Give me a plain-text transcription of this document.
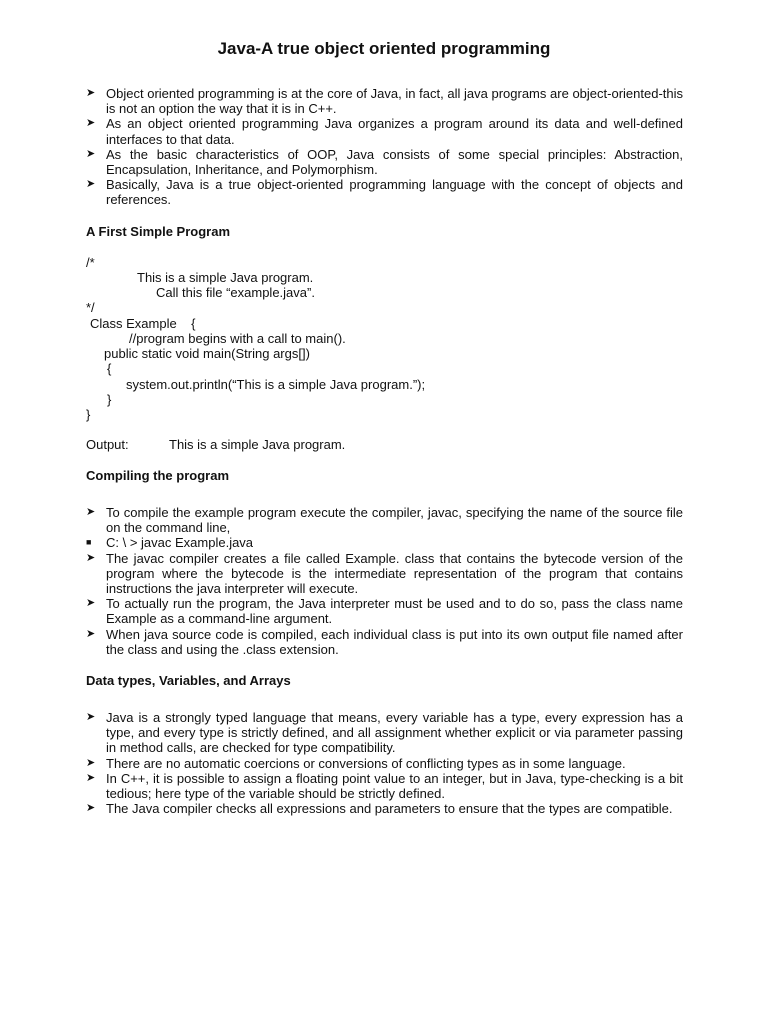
Java-A true object oriented programming
➤ Object oriented programming is at the core of Java, in fact, all java programs are object-oriented-this is not an option the way that it is in C++.
➤ As an object oriented programming Java organizes a program around its data and well-defined interfaces to that data.
➤ As the basic characteristics of OOP, Java consists of some special principles: Abstraction, Encapsulation, Inheritance, and Polymorphism.
➤ Basically, Java is a true object-oriented programming language with the concept of objects and references.
A First Simple Program
/*
This is a simple Java program.
Call this file “example.java”.
*/
Class Example    {
//program begins with a call to main().
public static void main(String args[])
{
system.out.println(“This is a simple Java program.”);
}
}
Output:	This is a simple Java program.
Compiling the program
➤ To compile the example program execute the compiler, javac, specifying the name of the source file on the command line,
■	C: \ > javac Example.java
➤ The javac compiler creates a file called Example. class that contains the bytecode version of the program where the bytecode is the intermediate representation of the program that contains instructions the java interpreter will execute.
➤ To actually run the program, the Java interpreter must be used and to do so, pass the class name Example as a command-line argument.
➤ When java source code is compiled, each individual class is put into its own output file named after the class and using the .class extension.
Data types, Variables, and Arrays
➤ Java is a strongly typed language that means, every variable has a type, every expression has a type, and every type is strictly defined, and all assignment whether explicit or via parameter passing in method calls, are checked for type compatibility.
➤ There are no automatic coercions or conversions of conflicting types as in some language.
➤ In C++, it is possible to assign a floating point value to an integer, but in Java, type-checking is a bit tedious; here type of the variable should be strictly defined.
➤ The Java compiler checks all expressions and parameters to ensure that the types are compatible.
